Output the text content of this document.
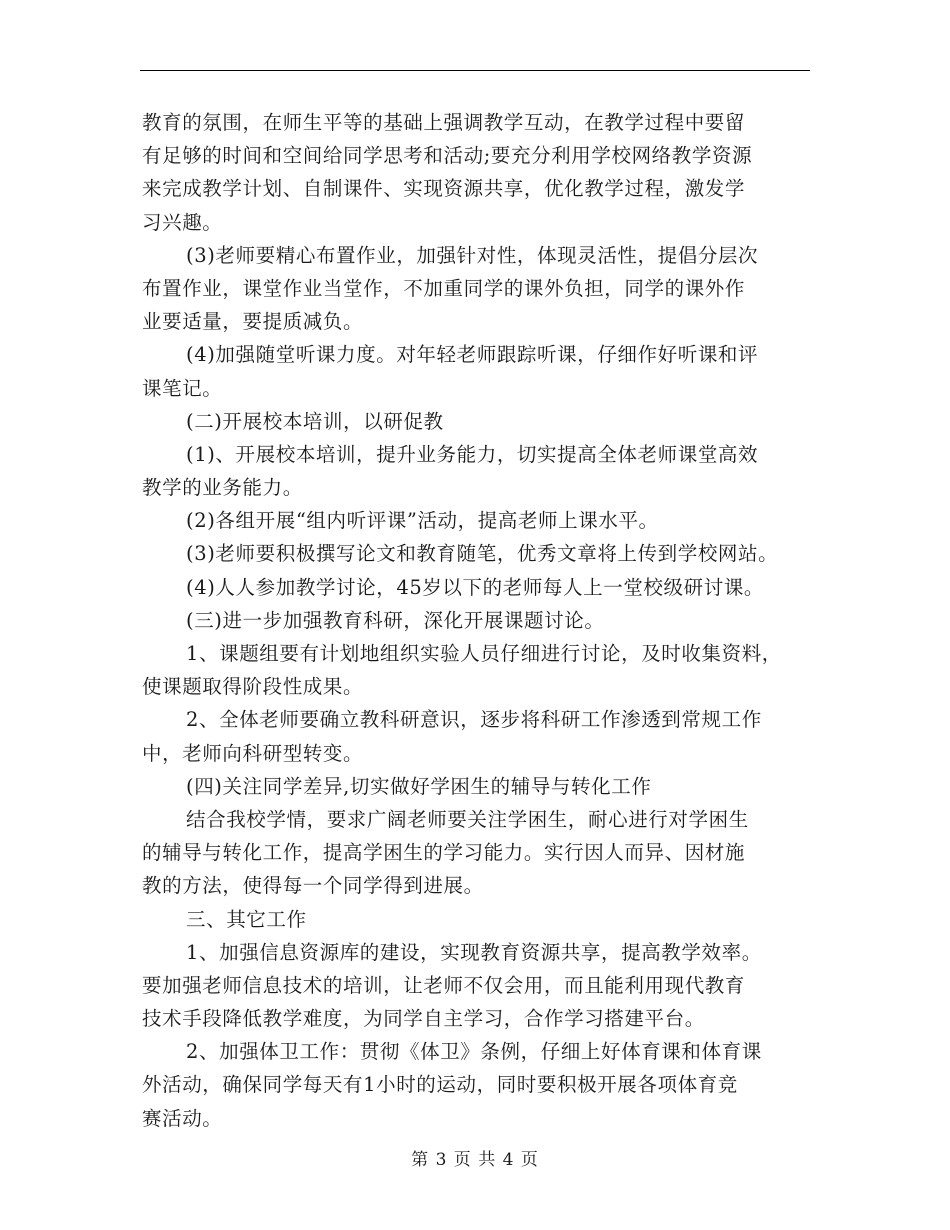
教育的氛围，在师生平等的基础上强调教学互动，在教学过程中要留
有足够的时间和空间给同学思考和活动;要充分利用学校网络教学资源
来完成教学计划、自制课件、实现资源共享，优化教学过程，激发学
习兴趣。
(3)老师要精心布置作业，加强针对性，体现灵活性，提倡分层次
布置作业，课堂作业当堂作，不加重同学的课外负担，同学的课外作
业要适量，要提质减负。
(4)加强随堂听课力度。对年轻老师跟踪听课，仔细作好听课和评
课笔记。
(二)开展校本培训，以研促教
(1)、开展校本培训，提升业务能力，切实提高全体老师课堂高效
教学的业务能力。
(2)各组开展“组内听评课”活动，提高老师上课水平。
(3)老师要积极撰写论文和教育随笔，优秀文章将上传到学校网站。
(4)人人参加教学讨论，45岁以下的老师每人上一堂校级研讨课。
(三)进一步加强教育科研，深化开展课题讨论。
1、课题组要有计划地组织实验人员仔细进行讨论，及时收集资料，
使课题取得阶段性成果。
2、全体老师要确立教科研意识，逐步将科研工作渗透到常规工作
中，老师向科研型转变。
(四)关注同学差异,切实做好学困生的辅导与转化工作
结合我校学情，要求广阔老师要关注学困生，耐心进行对学困生
的辅导与转化工作，提高学困生的学习能力。实行因人而异、因材施
教的方法，使得每一个同学得到进展。
三、其它工作
1、加强信息资源库的建设，实现教育资源共享，提高教学效率。
要加强老师信息技术的培训，让老师不仅会用，而且能利用现代教育
技术手段降低教学难度，为同学自主学习，合作学习搭建平台。
2、加强体卫工作：贯彻《体卫》条例，仔细上好体育课和体育课
外活动，确保同学每天有1小时的运动，同时要积极开展各项体育竞
赛活动。
第 3 页 共 4 页
